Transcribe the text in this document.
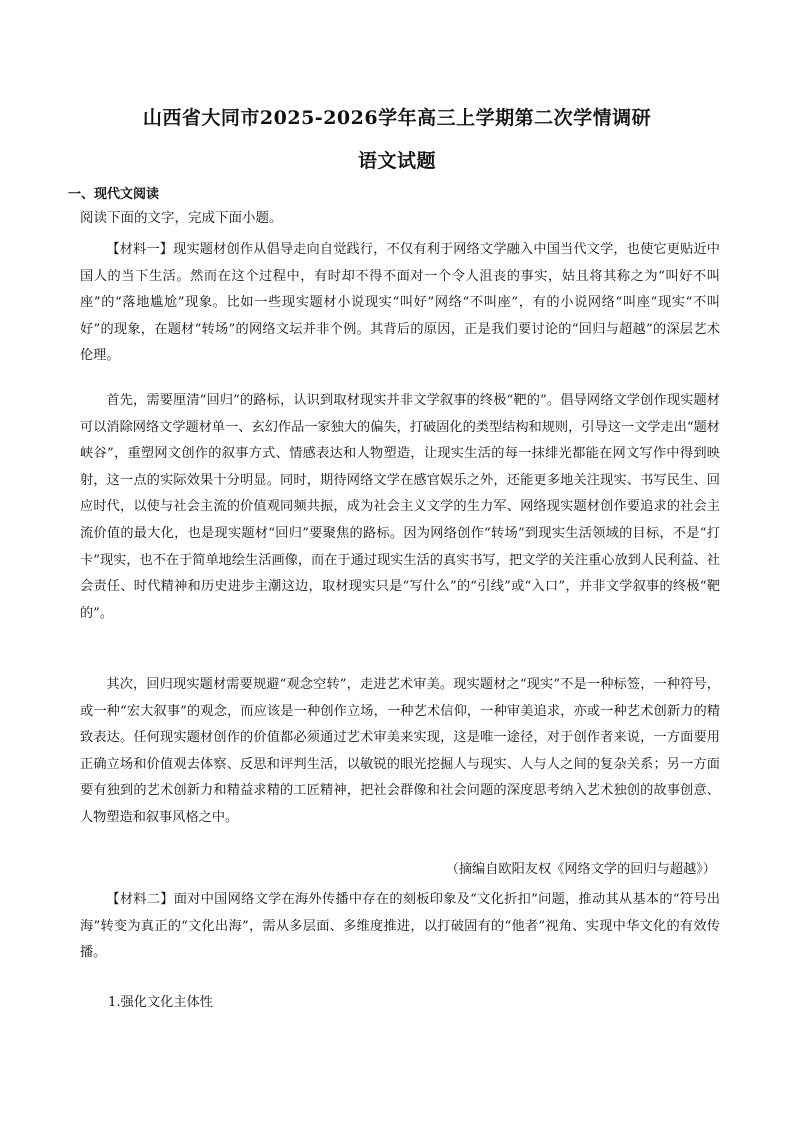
山西省大同市2025-2026学年高三上学期第二次学情调研
语文试题
一、现代文阅读
阅读下面的文字，完成下面小题。
【材料一】现实题材创作从倡导走向自觉践行，不仅有利于网络文学融入中国当代文学，也使它更贴近中国人的当下生活。然而在这个过程中，有时却不得不面对一个令人沮丧的事实，姑且将其称之为“叫好不叫座”的“落地尴尬”现象。比如一些现实题材小说现实“叫好”网络“不叫座”，有的小说网络“叫座”现实“不叫好”的现象，在题材“转场”的网络文坛并非个例。其背后的原因，正是我们要讨论的“回归与超越”的深层艺术伦理。
首先，需要厘清“回归”的路标，认识到取材现实并非文学叙事的终极“靶的”。倡导网络文学创作现实题材可以消除网络文学题材单一、玄幻作品一家独大的偏失，打破固化的类型结构和规则，引导这一文学走出“题材峡谷”，重塑网文创作的叙事方式、情感表达和人物塑造，让现实生活的每一抹绯光都能在网文写作中得到映射，这一点的实际效果十分明显。同时，期待网络文学在感官娱乐之外，还能更多地关注现实、书写民生、回应时代，以使与社会主流的价值观同频共振，成为社会主义文学的生力军、网络现实题材创作要追求的社会主流价值的最大化，也是现实题材“回归”要聚焦的路标。因为网络创作“转场”到现实生活领域的目标，不是“打卡”现实，也不在于简单地绘生活画像，而在于通过现实生活的真实书写，把文学的关注重心放到人民利益、社会责任、时代精神和历史进步主潮这边，取材现实只是“写什么”的“引线”或“入口”，并非文学叙事的终极“靶的”。
其次，回归现实题材需要规避“观念空转”，走进艺术审美。现实题材之“现实”不是一种标签，一种符号，或一种“宏大叙事”的观念，而应该是一种创作立场，一种艺术信仰，一种审美追求，亦或一种艺术创新力的精致表达。任何现实题材创作的价值都必须通过艺术审美来实现，这是唯一途径，对于创作者来说，一方面要用正确立场和价值观去体察、反思和评判生活，以敏锐的眼光挖掘人与现实、人与人之间的复杂关系；另一方面要有独到的艺术创新力和精益求精的工匠精神，把社会群像和社会问题的深度思考纳入艺术独创的故事创意、人物塑造和叙事风格之中。
【材料二】面对中国网络文学在海外传播中存在的刻板印象及“文化折扣”问题，推动其从基本的“符号出海”转变为真正的“文化出海”，需从多层面、多维度推进，以打破固有的“他者”视角、实现中华文化的有效传播。
（摘编自欧阳友权《网络文学的回归与超越》）
1.强化文化主体性
